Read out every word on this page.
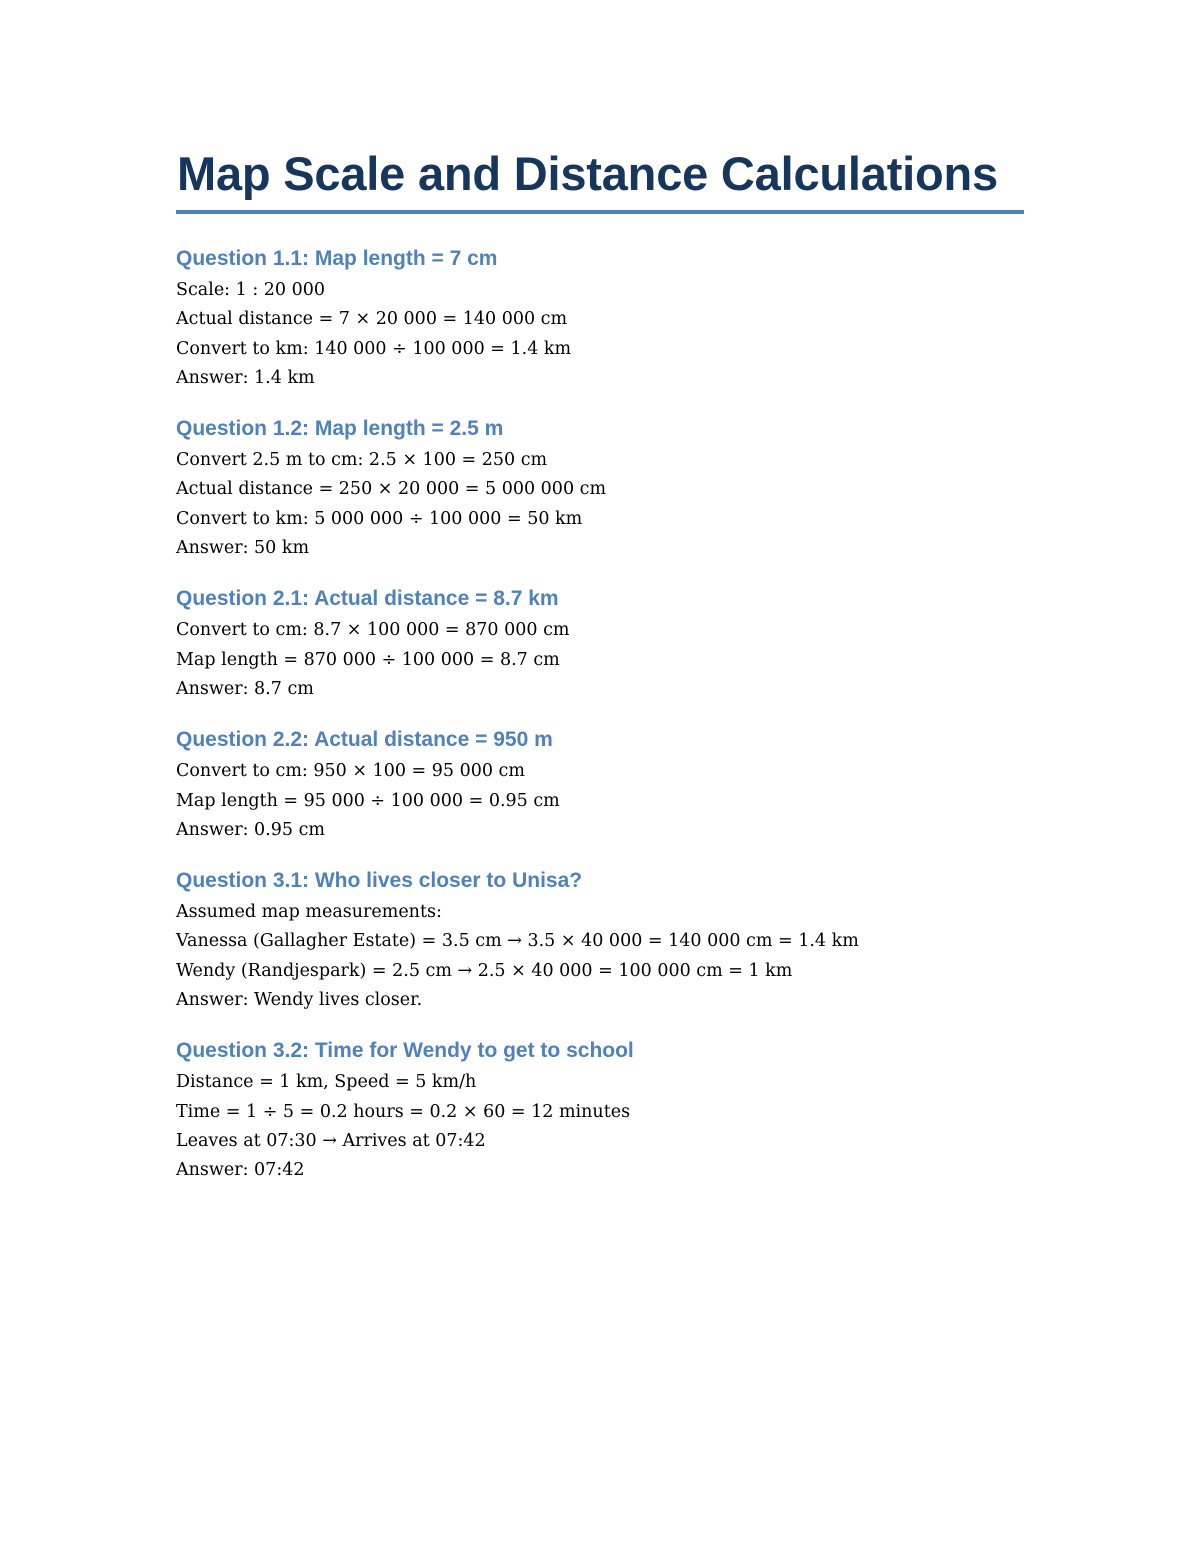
Map Scale and Distance Calculations
Question 1.1: Map length = 7 cm
Scale: 1 : 20 000
Actual distance = 7 × 20 000 = 140 000 cm
Convert to km: 140 000 ÷ 100 000 = 1.4 km
Answer: 1.4 km
Question 1.2: Map length = 2.5 m
Convert 2.5 m to cm: 2.5 × 100 = 250 cm
Actual distance = 250 × 20 000 = 5 000 000 cm
Convert to km: 5 000 000 ÷ 100 000 = 50 km
Answer: 50 km
Question 2.1: Actual distance = 8.7 km
Convert to cm: 8.7 × 100 000 = 870 000 cm
Map length = 870 000 ÷ 100 000 = 8.7 cm
Answer: 8.7 cm
Question 2.2: Actual distance = 950 m
Convert to cm: 950 × 100 = 95 000 cm
Map length = 95 000 ÷ 100 000 = 0.95 cm
Answer: 0.95 cm
Question 3.1: Who lives closer to Unisa?
Assumed map measurements:
Vanessa (Gallagher Estate) = 3.5 cm → 3.5 × 40 000 = 140 000 cm = 1.4 km
Wendy (Randjespark) = 2.5 cm → 2.5 × 40 000 = 100 000 cm = 1 km
Answer: Wendy lives closer.
Question 3.2: Time for Wendy to get to school
Distance = 1 km, Speed = 5 km/h
Time = 1 ÷ 5 = 0.2 hours = 0.2 × 60 = 12 minutes
Leaves at 07:30 → Arrives at 07:42
Answer: 07:42
